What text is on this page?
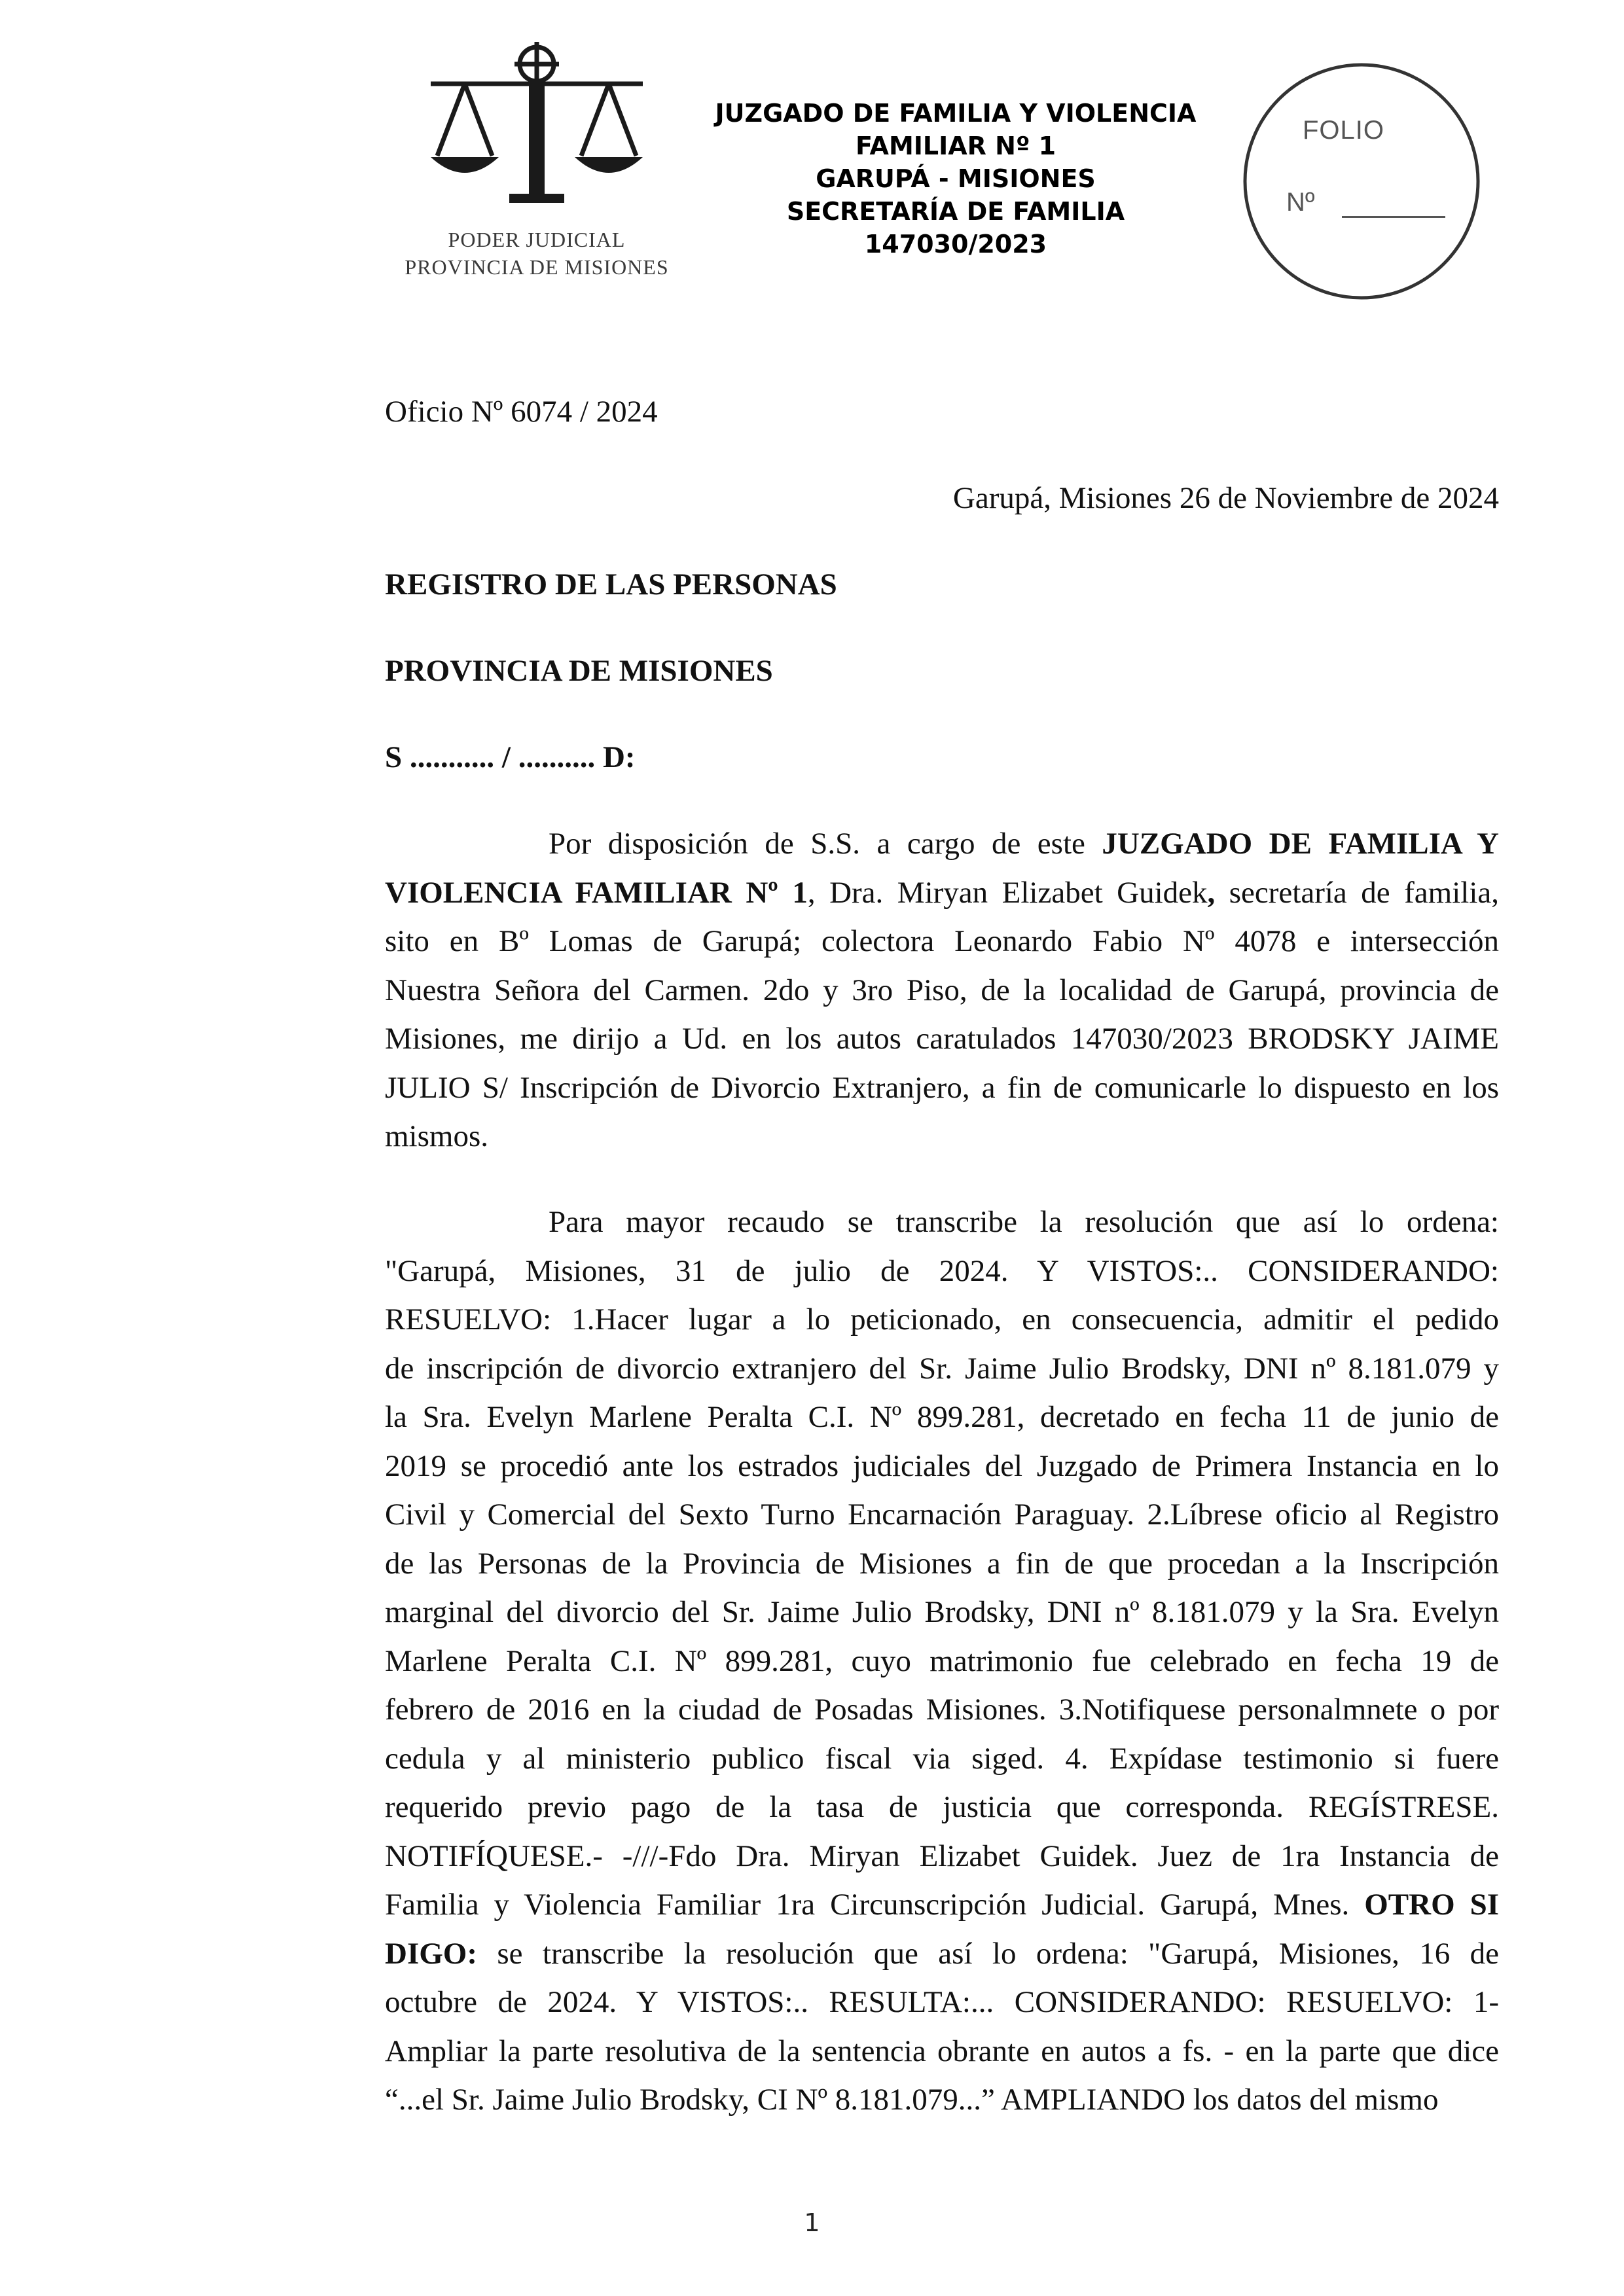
PODER JUDICIAL
PROVINCIA DE MISIONES
JUZGADO DE FAMILIA Y VIOLENCIA
FAMILIAR Nº 1
GARUPÁ - MISIONES
SECRETARÍA DE FAMILIA
147030/2023
FOLIO
Nº
Oficio Nº 6074 / 2024
Garupá, Misiones 26 de Noviembre de 2024
REGISTRO DE LAS PERSONAS
PROVINCIA DE MISIONES
S ........... / .......... D:
Por disposición de S.S. a cargo de este JUZGADO DE FAMILIA Y
VIOLENCIA FAMILIAR Nº 1, Dra. Miryan Elizabet Guidek, secretaría de familia,
sito en Bº Lomas de Garupá; colectora Leonardo Fabio Nº 4078 e intersección
Nuestra Señora del Carmen. 2do y 3ro Piso, de la localidad de Garupá, provincia de
Misiones, me dirijo a Ud. en los autos caratulados 147030/2023 BRODSKY JAIME
JULIO S/ Inscripción de Divorcio Extranjero, a fin de comunicarle lo dispuesto en los
mismos.
Para mayor recaudo se transcribe la resolución que así lo ordena:
"Garupá, Misiones, 31 de julio de 2024. Y VISTOS:.. CONSIDERANDO:
RESUELVO: 1.Hacer lugar a lo peticionado, en consecuencia, admitir el pedido
de inscripción de divorcio extranjero del Sr. Jaime Julio Brodsky, DNI nº 8.181.079 y
la Sra. Evelyn Marlene Peralta C.I. Nº 899.281, decretado en fecha 11 de junio de
2019 se procedió ante los estrados judiciales del Juzgado de Primera Instancia en lo
Civil y Comercial del Sexto Turno Encarnación Paraguay. 2.Líbrese oficio al Registro
de las Personas de la Provincia de Misiones a fin de que procedan a la Inscripción
marginal del divorcio del Sr. Jaime Julio Brodsky, DNI nº 8.181.079 y la Sra. Evelyn
Marlene Peralta C.I. Nº 899.281, cuyo matrimonio fue celebrado en fecha 19 de
febrero de 2016 en la ciudad de Posadas Misiones. 3.Notifiquese personalmnete o por
cedula y al ministerio publico fiscal via siged. 4. Expídase testimonio si fuere
requerido previo pago de la tasa de justicia que corresponda. REGÍSTRESE.
NOTIFÍQUESE.- -///-Fdo Dra. Miryan Elizabet Guidek. Juez de 1ra Instancia de
Familia y Violencia Familiar 1ra Circunscripción Judicial. Garupá, Mnes. OTRO SI
DIGO: se transcribe la resolución que así lo ordena: "Garupá, Misiones, 16 de
octubre de 2024. Y VISTOS:.. RESULTA:... CONSIDERANDO: RESUELVO: 1-
Ampliar la parte resolutiva de la sentencia obrante en autos a fs. - en la parte que dice
“...el Sr. Jaime Julio Brodsky, CI Nº 8.181.079...” AMPLIANDO los datos del mismo
1
